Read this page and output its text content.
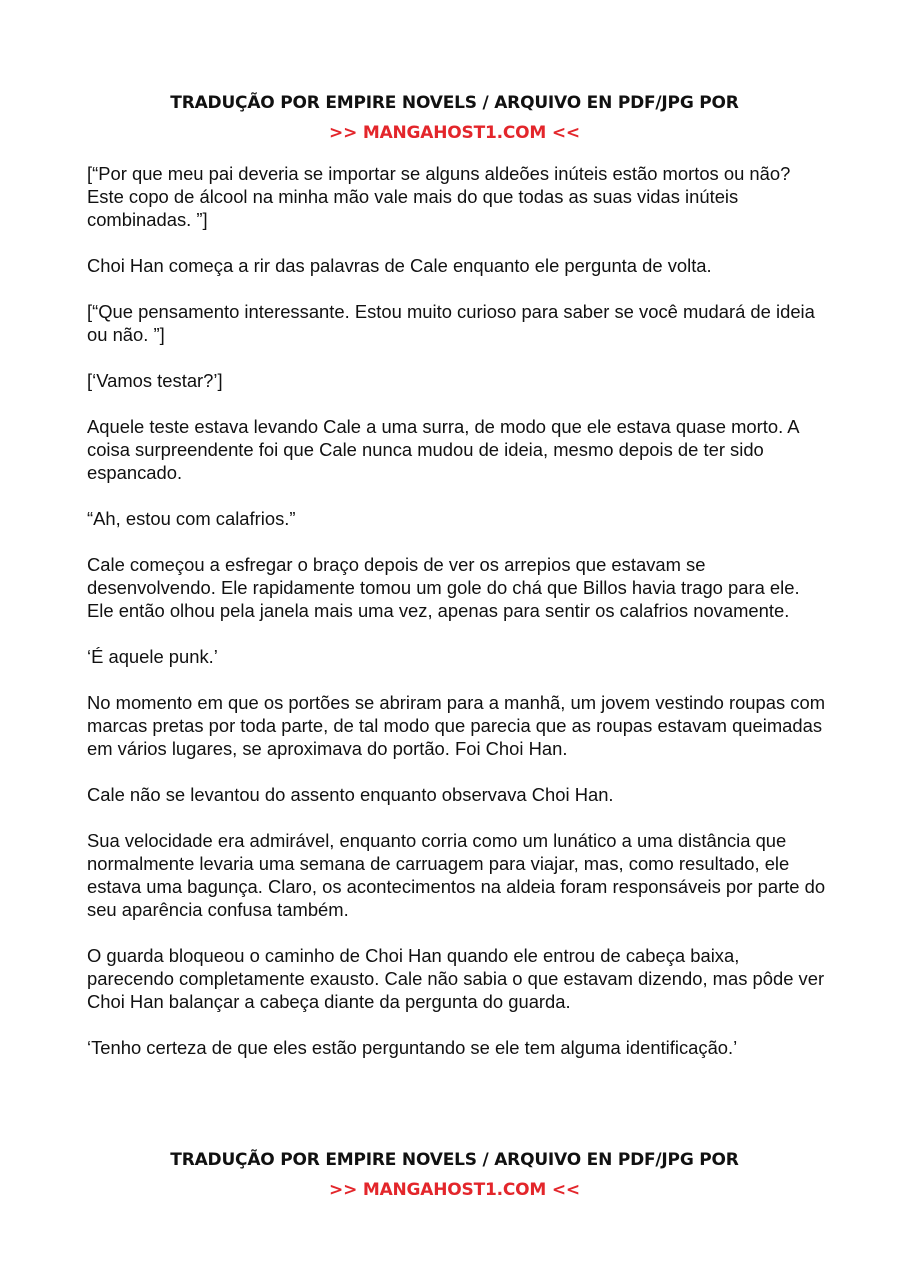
TRADUÇÃO POR EMPIRE NOVELS / ARQUIVO EN PDF/JPG POR
>> MANGAHOST1.COM <<

[“Por que meu pai deveria se importar se alguns aldeões inúteis estão mortos ou não? Este copo de álcool na minha mão vale mais do que todas as suas vidas inúteis combinadas. ”]

Choi Han começa a rir das palavras de Cale enquanto ele pergunta de volta.

[“Que pensamento interessante. Estou muito curioso para saber se você mudará de ideia ou não. ”]

[‘Vamos testar?’]

Aquele teste estava levando Cale a uma surra, de modo que ele estava quase morto. A coisa surpreendente foi que Cale nunca mudou de ideia, mesmo depois de ter sido espancado.

“Ah, estou com calafrios.”

Cale começou a esfregar o braço depois de ver os arrepios que estavam se desenvolvendo. Ele rapidamente tomou um gole do chá que Billos havia trago para ele. Ele então olhou pela janela mais uma vez, apenas para sentir os calafrios novamente.

‘É aquele punk.’

No momento em que os portões se abriram para a manhã, um jovem vestindo roupas com marcas pretas por toda parte, de tal modo que parecia que as roupas estavam queimadas em vários lugares, se aproximava do portão. Foi Choi Han.

Cale não se levantou do assento enquanto observava Choi Han.

Sua velocidade era admirável, enquanto corria como um lunático a uma distância que normalmente levaria uma semana de carruagem para viajar, mas, como resultado, ele estava uma bagunça. Claro, os acontecimentos na aldeia foram responsáveis por parte do seu aparência confusa também.

O guarda bloqueou o caminho de Choi Han quando ele entrou de cabeça baixa, parecendo completamente exausto. Cale não sabia o que estavam dizendo, mas pôde ver Choi Han balançar a cabeça diante da pergunta do guarda.

‘Tenho certeza de que eles estão perguntando se ele tem alguma identificação.’

TRADUÇÃO POR EMPIRE NOVELS / ARQUIVO EN PDF/JPG POR
>> MANGAHOST1.COM <<
